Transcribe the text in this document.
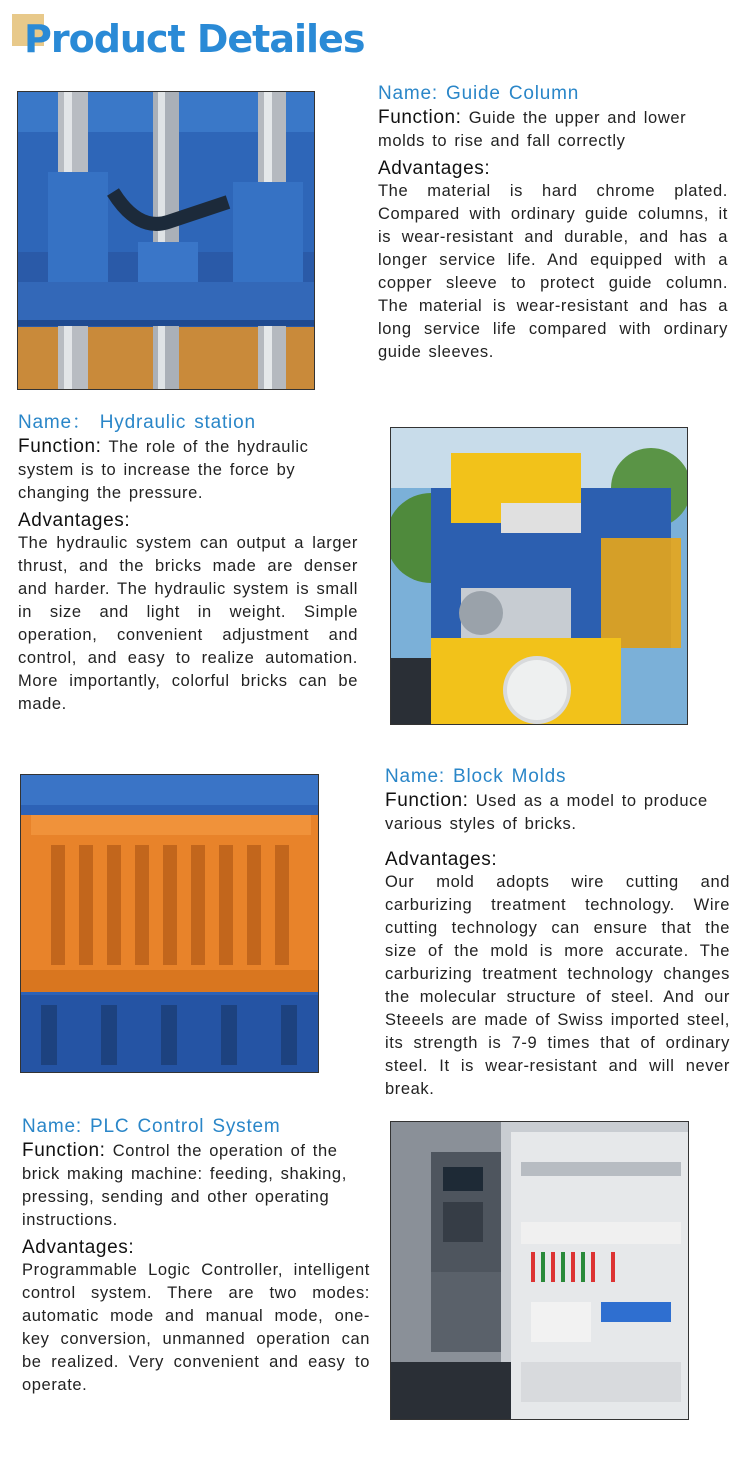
Product Detailes

Name: Guide Column

Function: Guide the upper and lower molds to rise and fall correctly

Advantages:

The material is hard chrome plated. Compared with ordinary guide columns, it is wear-resistant and durable, and has a longer service life. And equipped with a copper sleeve to protect guide column. The material is wear-resistant and has a long service life compared with ordinary guide sleeves.

Name： Hydraulic station

Function: The role of the hydraulic system is to increase the force by changing the pressure.

Advantages:

The hydraulic system can output a larger thrust, and the bricks made are denser and harder. The hydraulic system is small in size and light in weight. Simple operation, convenient adjustment and control, and easy to realize automation. More importantly, colorful bricks can be made.

Name: Block Molds

Function: Used as a model to produce various styles of bricks.

Advantages:

Our mold adopts wire cutting and carburizing treatment technology. Wire cutting technology can ensure that the size of the mold is more accurate. The carburizing treatment technology changes the molecular structure of steel. And our Steeels are made of Swiss imported steel, its strength is 7-9 times that of ordinary steel. It is wear-resistant and will never break.

Name: PLC Control System

Function: Control the operation of the brick making machine: feeding, shaking, pressing, sending and other operating instructions.

Advantages:

Programmable Logic Controller, intelligent control system. There are two modes: automatic mode and manual mode, one-key conversion, unmanned operation can be realized. Very convenient and easy to operate.
